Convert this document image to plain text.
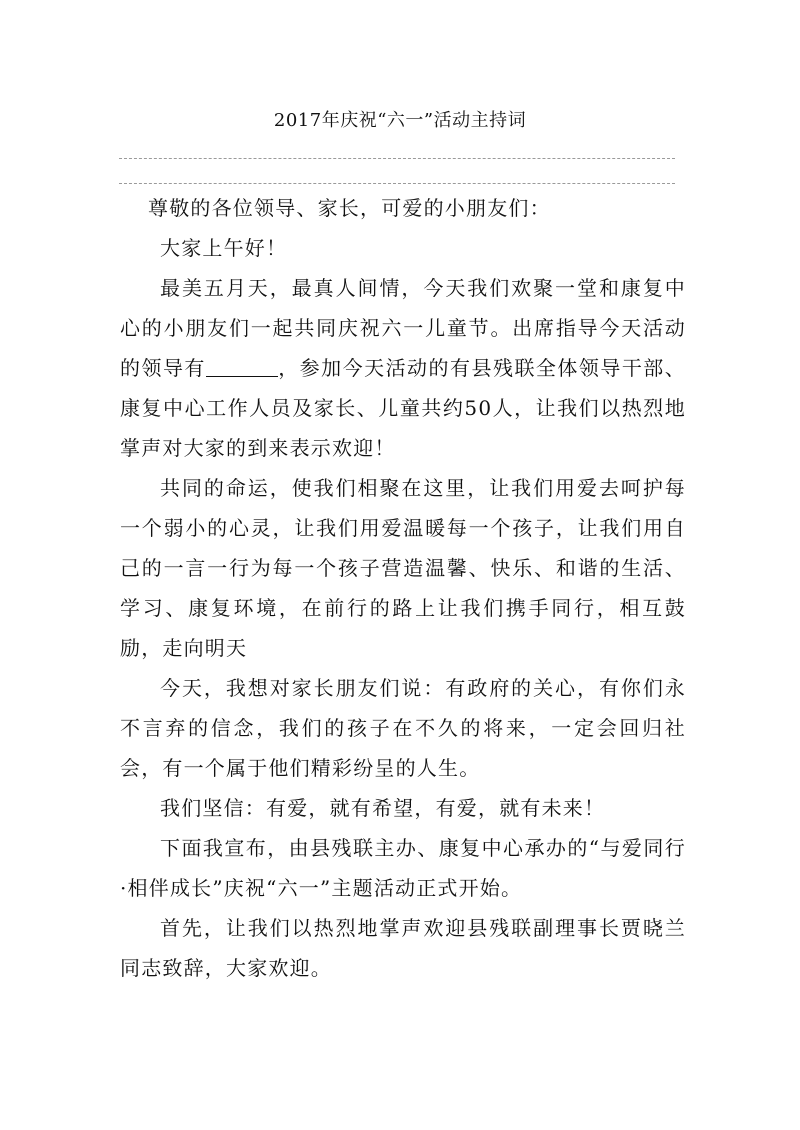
2017年庆祝“六一”活动主持词

尊敬的各位领导、家长，可爱的小朋友们：

大家上午好！

最美五月天，最真人间情，今天我们欢聚一堂和康复中心的小朋友们一起共同庆祝六一儿童节。出席指导今天活动的领导有	，参加今天活动的有县残联全体领导干部、康复中心工作人员及家长、儿童共约50人，让我们以热烈地掌声对大家的到来表示欢迎！

共同的命运，使我们相聚在这里，让我们用爱去呵护每一个弱小的心灵，让我们用爱温暖每一个孩子，让我们用自己的一言一行为每一个孩子营造温馨、快乐、和谐的生活、学习、康复环境，在前行的路上让我们携手同行，相互鼓励，走向明天

今天，我想对家长朋友们说：有政府的关心，有你们永不言弃的信念，我们的孩子在不久的将来，一定会回归社会，有一个属于他们精彩纷呈的人生。

我们坚信：有爱，就有希望，有爱，就有未来！

下面我宣布，由县残联主办、康复中心承办的“与爱同行·相伴成长”庆祝“六一”主题活动正式开始。

首先，让我们以热烈地掌声欢迎县残联副理事长贾晓兰同志致辞，大家欢迎。
